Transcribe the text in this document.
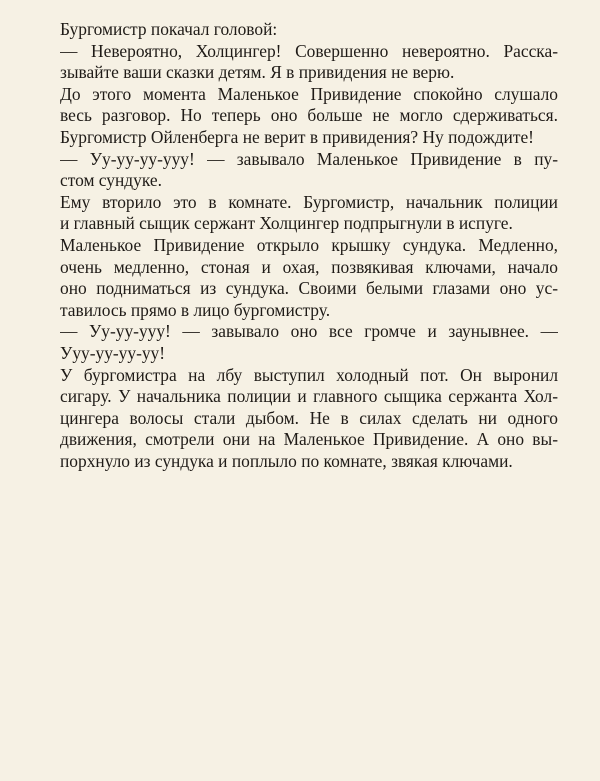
Бургомистр покачал головой:
— Невероятно, Холцингер! Совершенно невероятно. Расска-
зывайте ваши сказки детям. Я в привидения не верю.
До этого момента Маленькое Привидение спокойно слушало
весь разговор. Но теперь оно больше не могло сдерживаться.
Бургомистр Ойленберга не верит в привидения? Ну подождите!
— Уу-уу-уу-ууу! — завывало Маленькое Привидение в пу-
стом сундуке.
Ему вторило это в комнате. Бургомистр, начальник полиции
и главный сыщик сержант Холцингер подпрыгнули в испуге.
Маленькое Привидение открыло крышку сундука. Медленно,
очень медленно, стоная и охая, позвякивая ключами, начало
оно подниматься из сундука. Своими белыми глазами оно ус-
тавилось прямо в лицо бургомистру.
— Уу-уу-ууу! — завывало оно все громче и заунывнее. —
Ууу-уу-уу-уу!
У бургомистра на лбу выступил холодный пот. Он выронил
сигару. У начальника полиции и главного сыщика сержанта Хол-
цингера волосы стали дыбом. Не в силах сделать ни одного
движения, смотрели они на Маленькое Привидение. А оно вы-
порхнуло из сундука и поплыло по комнате, звякая ключами.
